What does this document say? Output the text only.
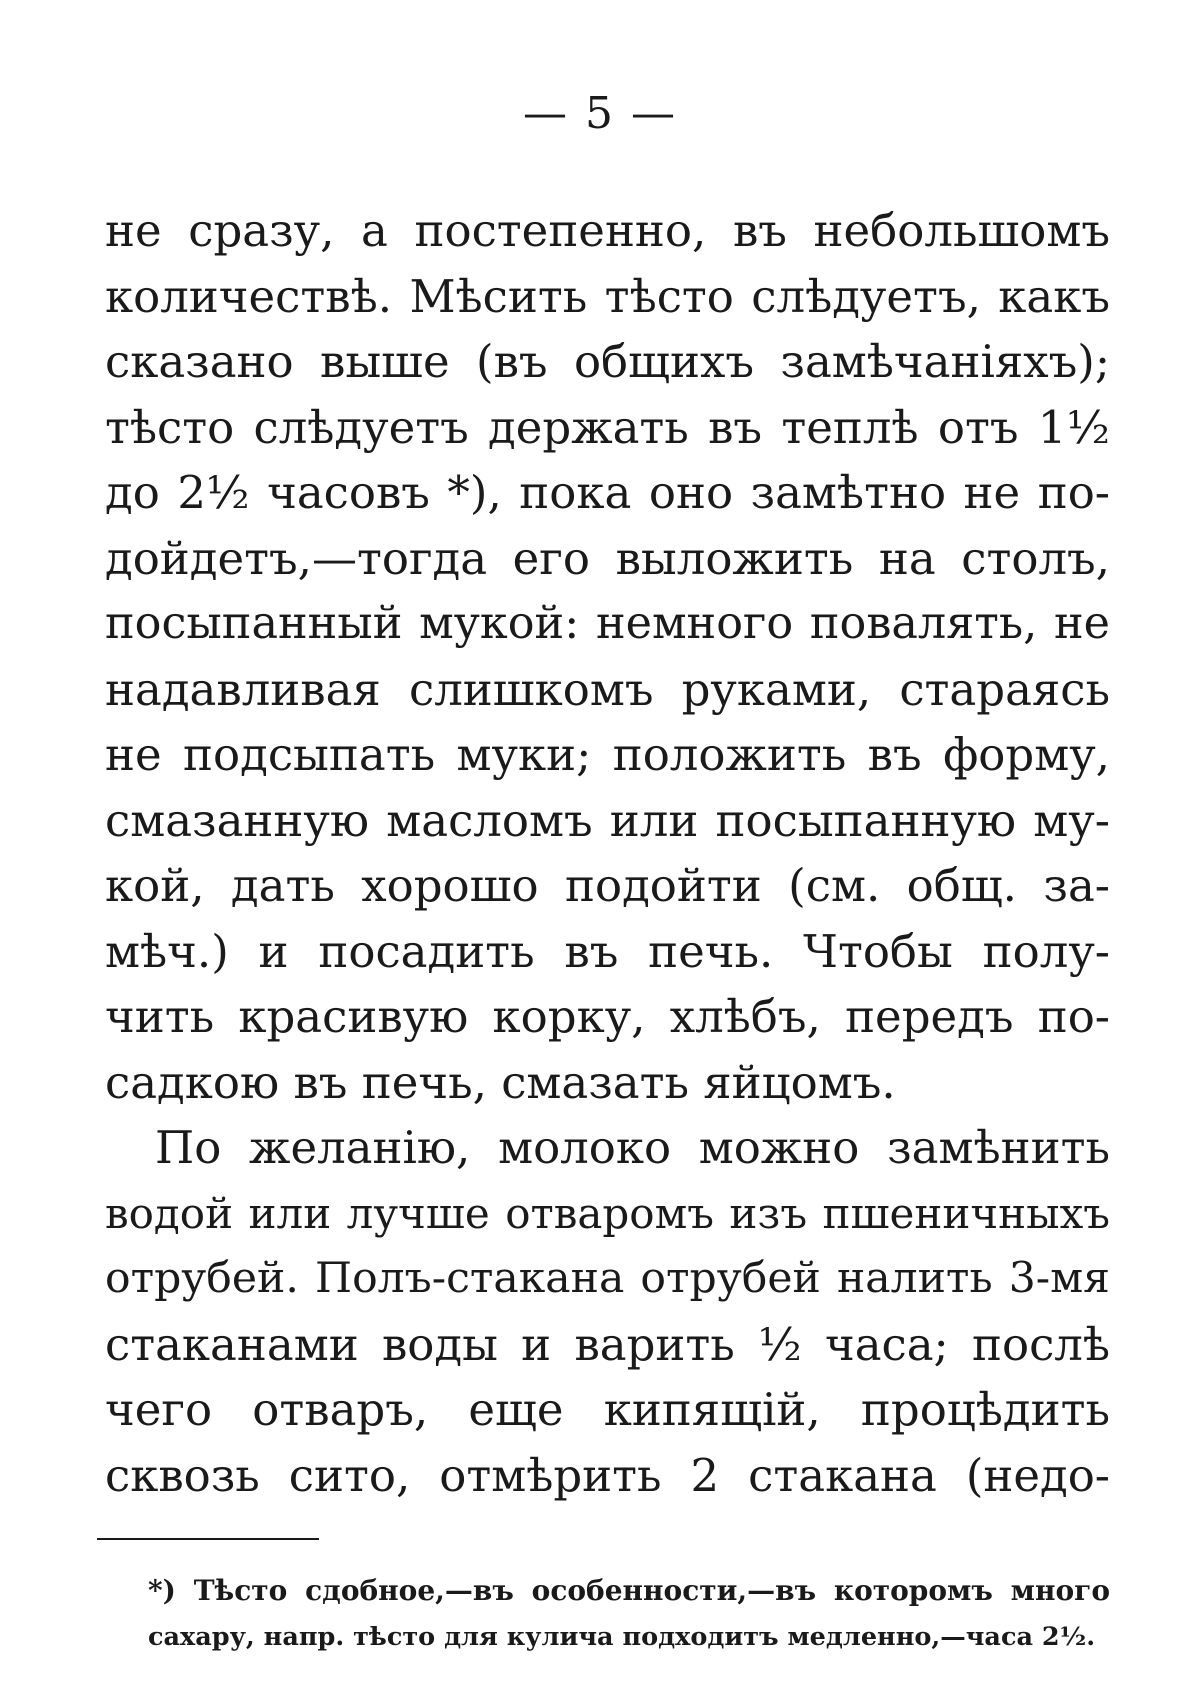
— 5 —
не сразу, а постепенно, въ небольшомъ
количествѣ. Мѣсить тѣсто слѣдуетъ, какъ
сказано выше (въ общихъ замѣчаніяхъ);
тѣсто слѣдуетъ держать въ теплѣ отъ 1½
до 2½ часовъ *), пока оно замѣтно не по-
дойдетъ,—тогда его выложить на столъ,
посыпанный мукой: немного повалять, не
надавливая слишкомъ руками, стараясь
не подсыпать муки; положить въ форму,
смазанную масломъ или посыпанную му-
кой, дать хорошо подойти (см. общ. за-
мѣч.) и посадить въ печь. Чтобы полу-
чить красивую корку, хлѣбъ, передъ по-
садкою въ печь, смазать яйцомъ.
По желанію, молоко можно замѣнить
водой или лучше отваромъ изъ пшеничныхъ
отрубей. Полъ-стакана отрубей налить 3-мя
стаканами воды и варить ½ часа; послѣ
чего отваръ, еще кипящій, процѣдить
сквозь сито, отмѣрить 2 стакана (недо-
*) Тѣсто сдобное,—въ особенности,—въ которомъ много
сахару, напр. тѣсто для кулича подходитъ медленно,—часа 2½.
